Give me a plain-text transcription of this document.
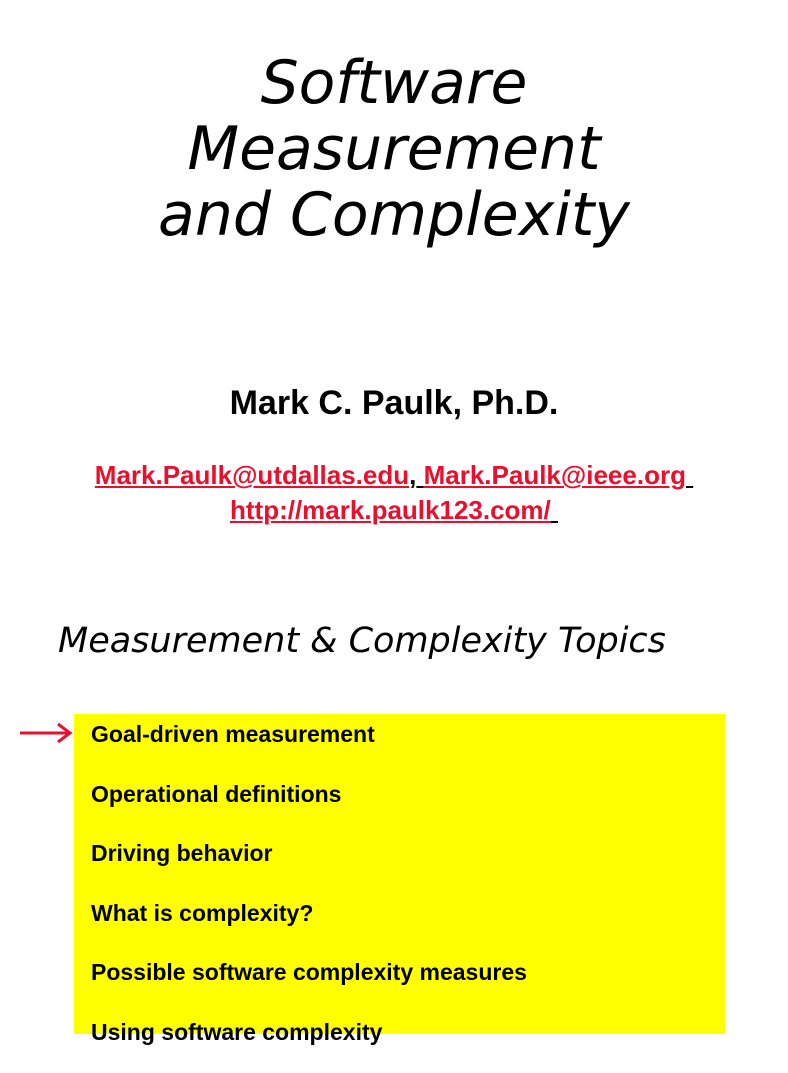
Software
Measurement
and Complexity
Mark C. Paulk, Ph.D.
Mark.Paulk@utdallas.edu, Mark.Paulk@ieee.org
http://mark.paulk123.com/
Measurement & Complexity Topics
Goal-driven measurement
Operational definitions
Driving behavior
What is complexity?
Possible software complexity measures
Using software complexity
